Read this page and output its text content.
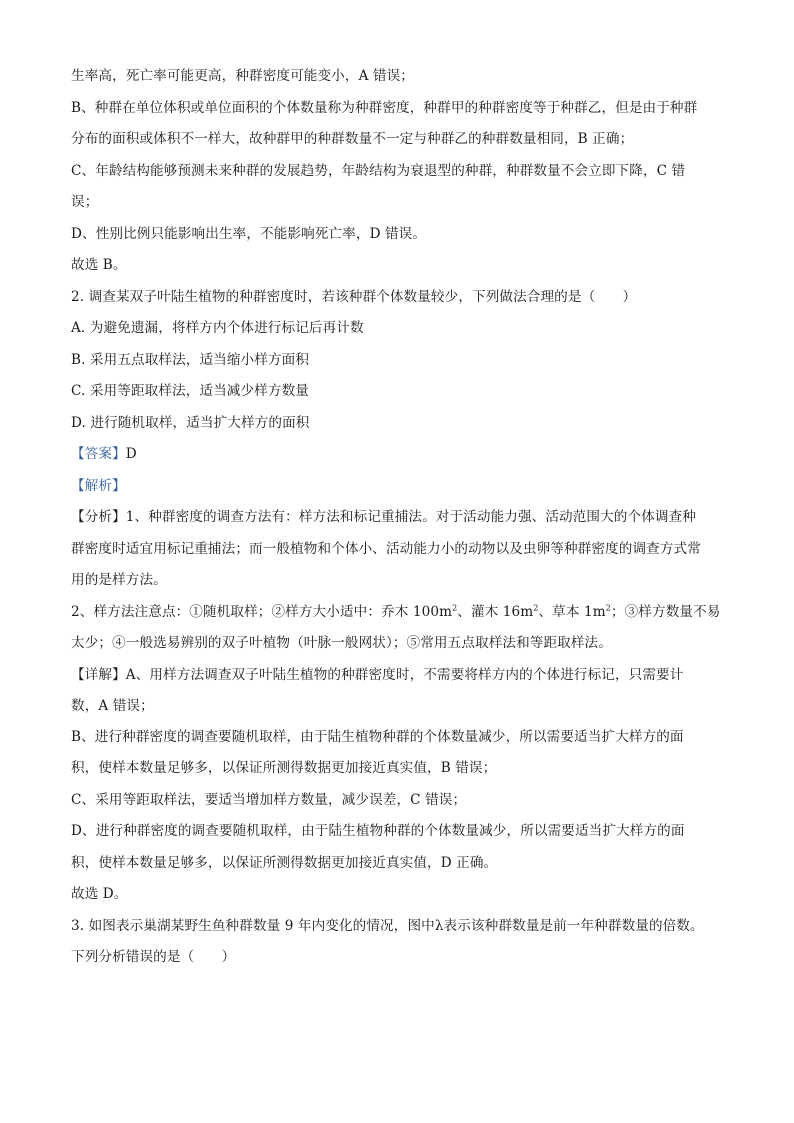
生率高，死亡率可能更高，种群密度可能变小，A 错误；
B、种群在单位体积或单位面积的个体数量称为种群密度，种群甲的种群密度等于种群乙，但是由于种群
分布的面积或体积不一样大，故种群甲的种群数量不一定与种群乙的种群数量相同，B 正确；
C、年龄结构能够预测未来种群的发展趋势，年龄结构为衰退型的种群，种群数量不会立即下降，C 错
误；
D、性别比例只能影响出生率，不能影响死亡率，D 错误。
故选 B。
2. 调查某双子叶陆生植物的种群密度时，若该种群个体数量较少，下列做法合理的是（　　）
A. 为避免遗漏，将样方内个体进行标记后再计数
B. 采用五点取样法，适当缩小样方面积
C. 采用等距取样法，适当减少样方数量
D. 进行随机取样，适当扩大样方的面积
【答案】D
【解析】
【分析】1、种群密度的调查方法有：样方法和标记重捕法。对于活动能力强、活动范围大的个体调查种
群密度时适宜用标记重捕法；而一般植物和个体小、活动能力小的动物以及虫卵等种群密度的调查方式常
用的是样方法。
2、样方法注意点：①随机取样；②样方大小适中：乔木 $100m^2$、灌木 $16m^2$、草本 $1m^2$；③样方数量不易
太少；④一般选易辨别的双子叶植物（叶脉一般网状）；⑤常用五点取样法和等距取样法。
【详解】A、用样方法调查双子叶陆生植物的种群密度时，不需要将样方内的个体进行标记，只需要计
数，A 错误；
B、进行种群密度的调查要随机取样，由于陆生植物种群的个体数量减少，所以需要适当扩大样方的面
积，使样本数量足够多，以保证所测得数据更加接近真实值，B 错误；
C、采用等距取样法，要适当增加样方数量，减少误差，C 错误；
D、进行种群密度的调查要随机取样，由于陆生植物种群的个体数量减少，所以需要适当扩大样方的面
积，使样本数量足够多，以保证所测得数据更加接近真实值，D 正确。
故选 D。
3. 如图表示巢湖某野生鱼种群数量 9 年内变化的情况，图中λ表示该种群数量是前一年种群数量的倍数。
下列分析错误的是（　　）
